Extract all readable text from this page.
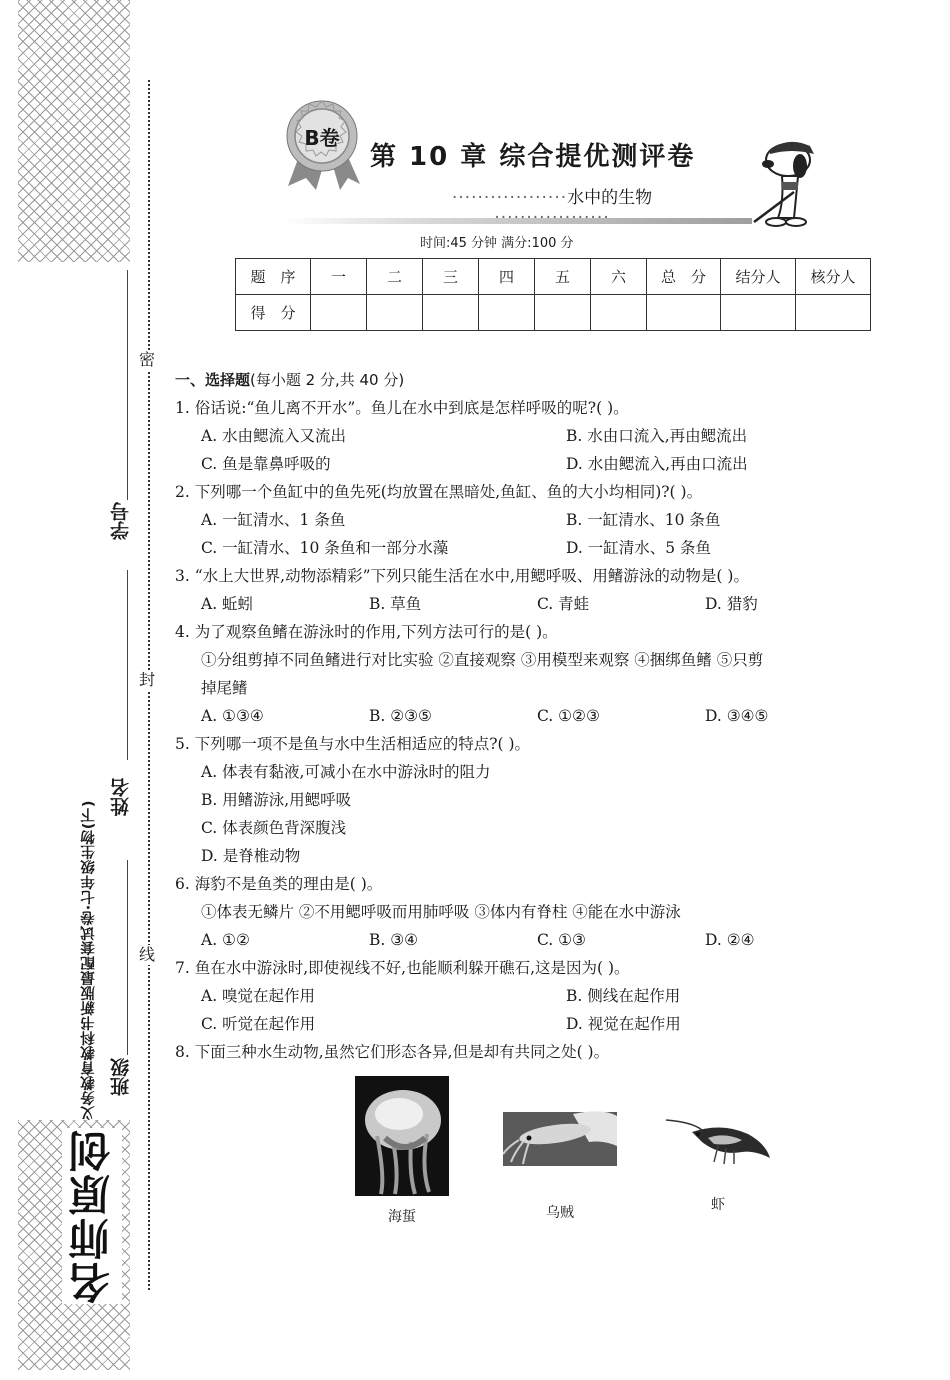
密
封
线
学号
姓名
班级
义务教育教科书新版最配套试卷·七年级生物(下)
名师原创
B卷
第 10 章 综合提优测评卷
··················水中的生物
时间:45 分钟 满分:100 分
题　序	一	二	三	四	五	六	总　分	结分人	核分人
得　分									
一、选择题(每小题 2 分,共 40 分)
1. 俗话说:“鱼儿离不开水”。鱼儿在水中到底是怎样呼吸的呢?( )。
A. 水由鳃流入又流出	B. 水由口流入,再由鳃流出
C. 鱼是靠鼻呼吸的	D. 水由鳃流入,再由口流出
2. 下列哪一个鱼缸中的鱼先死(均放置在黑暗处,鱼缸、鱼的大小均相同)?( )。
A. 一缸清水、1 条鱼	B. 一缸清水、10 条鱼
C. 一缸清水、10 条鱼和一部分水藻	D. 一缸清水、5 条鱼
3. “水上大世界,动物添精彩”下列只能生活在水中,用鳃呼吸、用鳍游泳的动物是( )。
A. 蚯蚓	B. 草鱼	C. 青蛙	D. 猎豹
4. 为了观察鱼鳍在游泳时的作用,下列方法可行的是( )。
①分组剪掉不同鱼鳍进行对比实验 ②直接观察 ③用模型来观察 ④捆绑鱼鳍 ⑤只剪
掉尾鳍
A. ①③④	B. ②③⑤	C. ①②③	D. ③④⑤
5. 下列哪一项不是鱼与水中生活相适应的特点?( )。
A. 体表有黏液,可减小在水中游泳时的阻力
B. 用鳍游泳,用鳃呼吸
C. 体表颜色背深腹浅
D. 是脊椎动物
6. 海豹不是鱼类的理由是( )。
①体表无鳞片 ②不用鳃呼吸而用肺呼吸 ③体内有脊柱 ④能在水中游泳
A. ①②	B. ③④	C. ①③	D. ②④
7. 鱼在水中游泳时,即使视线不好,也能顺利躲开礁石,这是因为( )。
A. 嗅觉在起作用	B. 侧线在起作用
C. 听觉在起作用	D. 视觉在起作用
8. 下面三种水生动物,虽然它们形态各异,但是却有共同之处( )。
海蜇	乌贼	虾
